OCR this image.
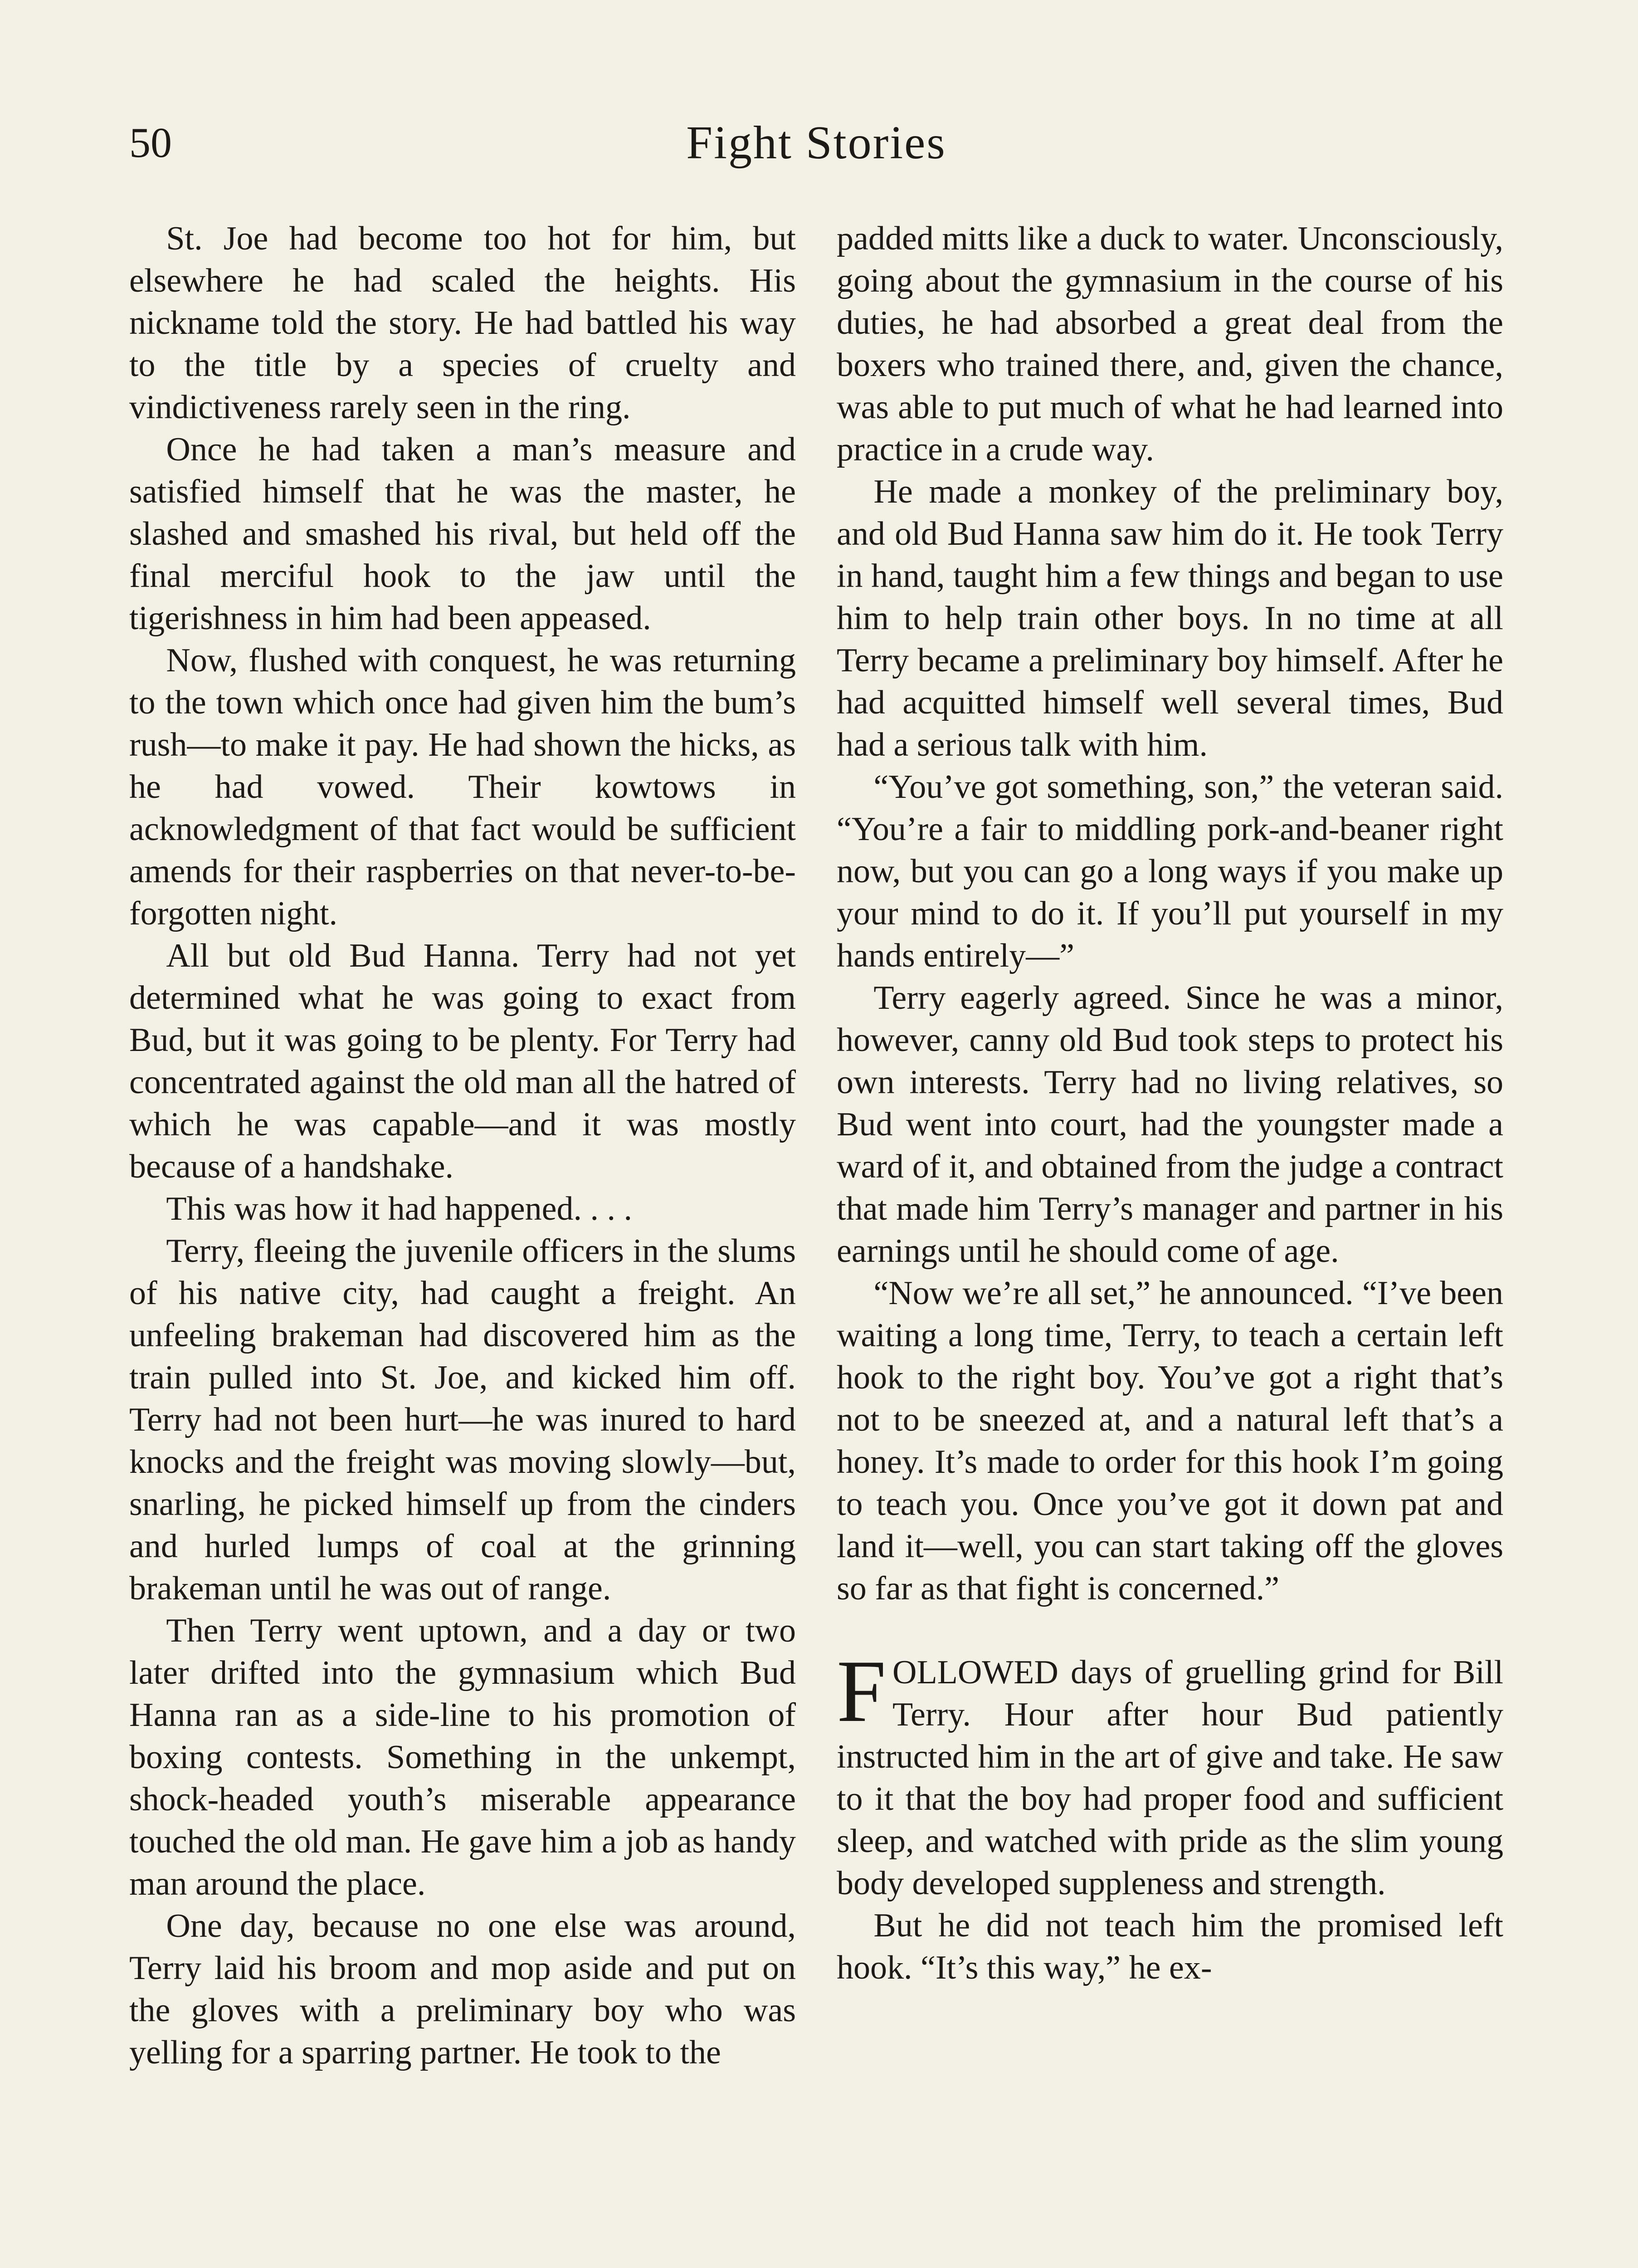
50	Fight Stories

St. Joe had become too hot for him, but elsewhere he had scaled the heights. His nickname told the story. He had battled his way to the title by a species of cruelty and vindictiveness rarely seen in the ring.

Once he had taken a man’s measure and satisfied himself that he was the master, he slashed and smashed his rival, but held off the final merciful hook to the jaw until the tigerishness in him had been appeased.

Now, flushed with conquest, he was returning to the town which once had given him the bum’s rush—to make it pay. He had shown the hicks, as he had vowed. Their kowtows in acknowledgment of that fact would be sufficient amends for their raspberries on that never-to-be-forgotten night.

All but old Bud Hanna. Terry had not yet determined what he was going to exact from Bud, but it was going to be plenty. For Terry had concentrated against the old man all the hatred of which he was capable—and it was mostly because of a handshake.

This was how it had happened. . . .

Terry, fleeing the juvenile officers in the slums of his native city, had caught a freight. An unfeeling brakeman had discovered him as the train pulled into St. Joe, and kicked him off. Terry had not been hurt—he was inured to hard knocks and the freight was moving slowly—but, snarling, he picked himself up from the cinders and hurled lumps of coal at the grinning brakeman until he was out of range.

Then Terry went uptown, and a day or two later drifted into the gymnasium which Bud Hanna ran as a side-line to his promotion of boxing contests. Something in the unkempt, shock-headed youth’s miserable appearance touched the old man. He gave him a job as handy man around the place.

One day, because no one else was around, Terry laid his broom and mop aside and put on the gloves with a preliminary boy who was yelling for a sparring partner. He took to the

padded mitts like a duck to water. Unconsciously, going about the gymnasium in the course of his duties, he had absorbed a great deal from the boxers who trained there, and, given the chance, was able to put much of what he had learned into practice in a crude way.

He made a monkey of the preliminary boy, and old Bud Hanna saw him do it. He took Terry in hand, taught him a few things and began to use him to help train other boys. In no time at all Terry became a preliminary boy himself. After he had acquitted himself well several times, Bud had a serious talk with him.

“You’ve got something, son,” the veteran said. “You’re a fair to middling pork-and-beaner right now, but you can go a long ways if you make up your mind to do it. If you’ll put yourself in my hands entirely—”

Terry eagerly agreed. Since he was a minor, however, canny old Bud took steps to protect his own interests. Terry had no living relatives, so Bud went into court, had the youngster made a ward of it, and obtained from the judge a contract that made him Terry’s manager and partner in his earnings until he should come of age.

“Now we’re all set,” he announced. “I’ve been waiting a long time, Terry, to teach a certain left hook to the right boy. You’ve got a right that’s not to be sneezed at, and a natural left that’s a honey. It’s made to order for this hook I’m going to teach you. Once you’ve got it down pat and land it—well, you can start taking off the gloves so far as that fight is concerned.”

FOLLOWED days of gruelling grind for Bill Terry. Hour after hour Bud patiently instructed him in the art of give and take. He saw to it that the boy had proper food and sufficient sleep, and watched with pride as the slim young body developed suppleness and strength.

But he did not teach him the promised left hook. “It’s this way,” he ex-
